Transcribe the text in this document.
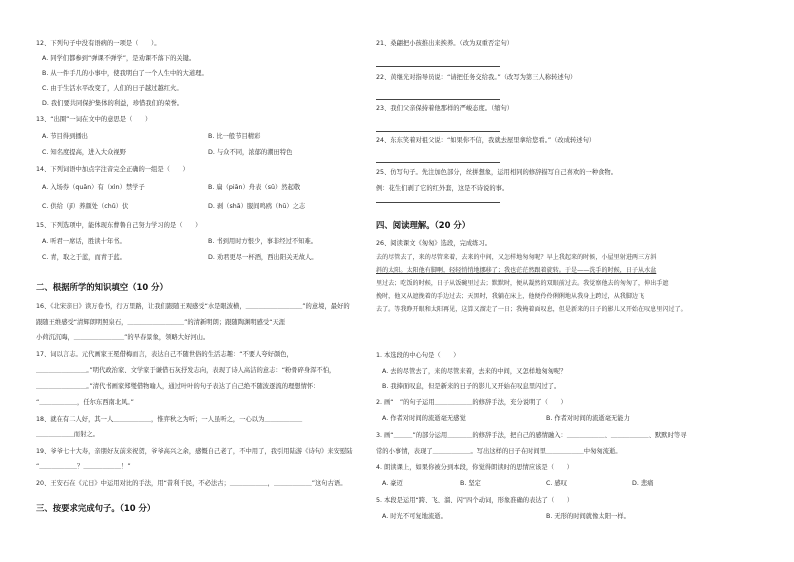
12、下列句子中没有语病的一项是（　　）。
A. 同学们都参到“弹课不弹学”，是劝课不落下的关键。
B. 从一件手几的小事中，使我明白了一个人生中的大道理。
C. 由于生活水平改变了，人们的日子越过越红火。
D. 我们要共同保护集体的利益，珍惜我们的荣誉。
13、“出圈”一词在文中的意思是（　　）
A. 节目得到播出	B. 比一般节目精彩
C. 知名度提高，进入大众视野	D. 与众不同，浓郁的潮田特色
14、下列词语中加点字注音完全正确的一组是（　　）
A. 入场券（quān）有（xìn）禁学子	B. 扁（piān）舟表（sū）然起敬
C. 供给（jǐ）养颜处（chǔ）伏	D. 剥（shā）服间鸣鸥（hū）之志
15、下列选项中，能体现东曹鲁自己努力学习的是（　　）
A. 听君一席话，胜读十年书。	B. 书到用时方恨少，事非经过不知难。
C. 青，取之于蓝，而青于蓝。	D. 劝君更尽一杯酒，西出阳关无故人。
二、根据所学的知识填空（10 分）
16、《北宋亲日》读万卷书，行万里路，让我们跟随王观感受“水是眼波横，＿＿＿＿＿＿＿＿＿”的意境，最好的
跟随王维感受“清辉朗明照泉石，＿＿＿＿＿＿＿＿＿”的清新明朗；跟随陶渊明感受“天涯
小荷沉沉晦，＿＿＿＿＿＿＿＿”的早春景象，领略大好河山。
17、词以言志。元代画家王冕借梅而言，表达自己不随世俗的生活志趣：“不要人夸好颜色，
＿＿＿＿＿＿＿＿。”明代政治家、文学家于谦借石灰抒发志向，表现了诗人高洁的意志：“粉骨碎身浑不怕，
＿＿＿＿＿＿＿＿。”清代书画家郑燮借物喻人，通过叶叶的句子表达了自己绝不随波逐流的理想情怀：
“＿＿＿＿＿＿，任尔东西南北风。”
18、就在有二人好，其一人＿＿＿＿＿＿，惟弈秋之为听；一人虽听之，一心以为＿＿＿＿＿＿
＿＿＿＿＿＿而射之。
19、爷爷七十大寿，亲朋好友前来祝贺，爷爷高兴之余，感慨自己老了，不中用了，我引用陆游《诗句》来安慰陆
“＿＿＿＿＿＿？＿＿＿＿＿＿！”
20、王安石在《元日》中运用对比的手法，用“昔利千民，不必法古；＿＿＿＿＿＿，＿＿＿＿＿＿”这句古语。
三、按要求完成句子。（10 分）
21、桑翩把小孩推出来挨养。（改为双重否定句）
22、黄继光对指导员说：“请把任务交给我。”（改写为第三人称转述句）
23、我们父亲保持着他那样的严峻态度。（缩句）
24、东东笑着对祖父说：“如果你不信，我就去屋里拿给您看。”（改成转述句）
25、仿写句子。先注加色部分，丝拼想象，运用相同的修辞描写自己喜欢的一种食物。
例：花生们剥了它的红外套，这是不诗说的事。
四、阅读理解。（20 分）
26、阅读课文《匆匆》选段，完成练习。
去的尽管去了，来的尽管来着，去来的中间，又怎样地匆匆呢？早上我起来的时候，小屋里射进两三方斜
斜的太阳。太阳他有脚啊，轻轻悄悄地挪移了；我也茫茫然跟着旋转。于是——洗手的时候，日子从水盆
里过去；吃饭的时候，日子从饭碗里过去；默默时，便从凝然的双眼前过去。我觉察他去的匆匆了，伸出手遮
挽时，他又从遮挽着的手边过去；天黑时，我躺在床上，他便伶伶俐俐地从我身上跨过，从我脚边飞
去了。等我睁开眼和太阳再见，这算又溜走了一日；我掩着面叹息，但是新来的日子的影儿又开始在叹息里闪过了。
1. 本选段的中心句是（　　）
A. 去的尽管去了，来的尽管来着，去来的中间，又怎样地匆匆呢？
B. 我捧面叹息，但是新来的日子的影儿又开始在叹息里闪过了。
2. 画“　”的句子运用＿＿＿＿＿＿的修辞手法，充分说明了（　　）
A. 作者对时间的流逝毫无感觉	B. 作者对时间的流逝毫无能力
3. 画“＿＿＿”的部分运用＿＿＿＿的修辞手法，把自己的感情融入：＿＿＿＿＿＿、＿＿＿＿＿＿、默默时等寻
常的小事情，表现了＿＿＿＿＿＿。写出这样的日子在时间里＿＿＿＿＿＿中匆匆流逝。
4. 朗读课上，如果你被分到本段，你觉得朗读时的思情应该是（　　）
A. 豪迈	B. 坚定	C. 感叹	D. 悲痛
5. 本段是运用“跨、飞、溜、闪”四个动词，形象准确的表达了（　　）
A. 时光不可复地流逝。	B. 无形的时间就像太阳一样。
